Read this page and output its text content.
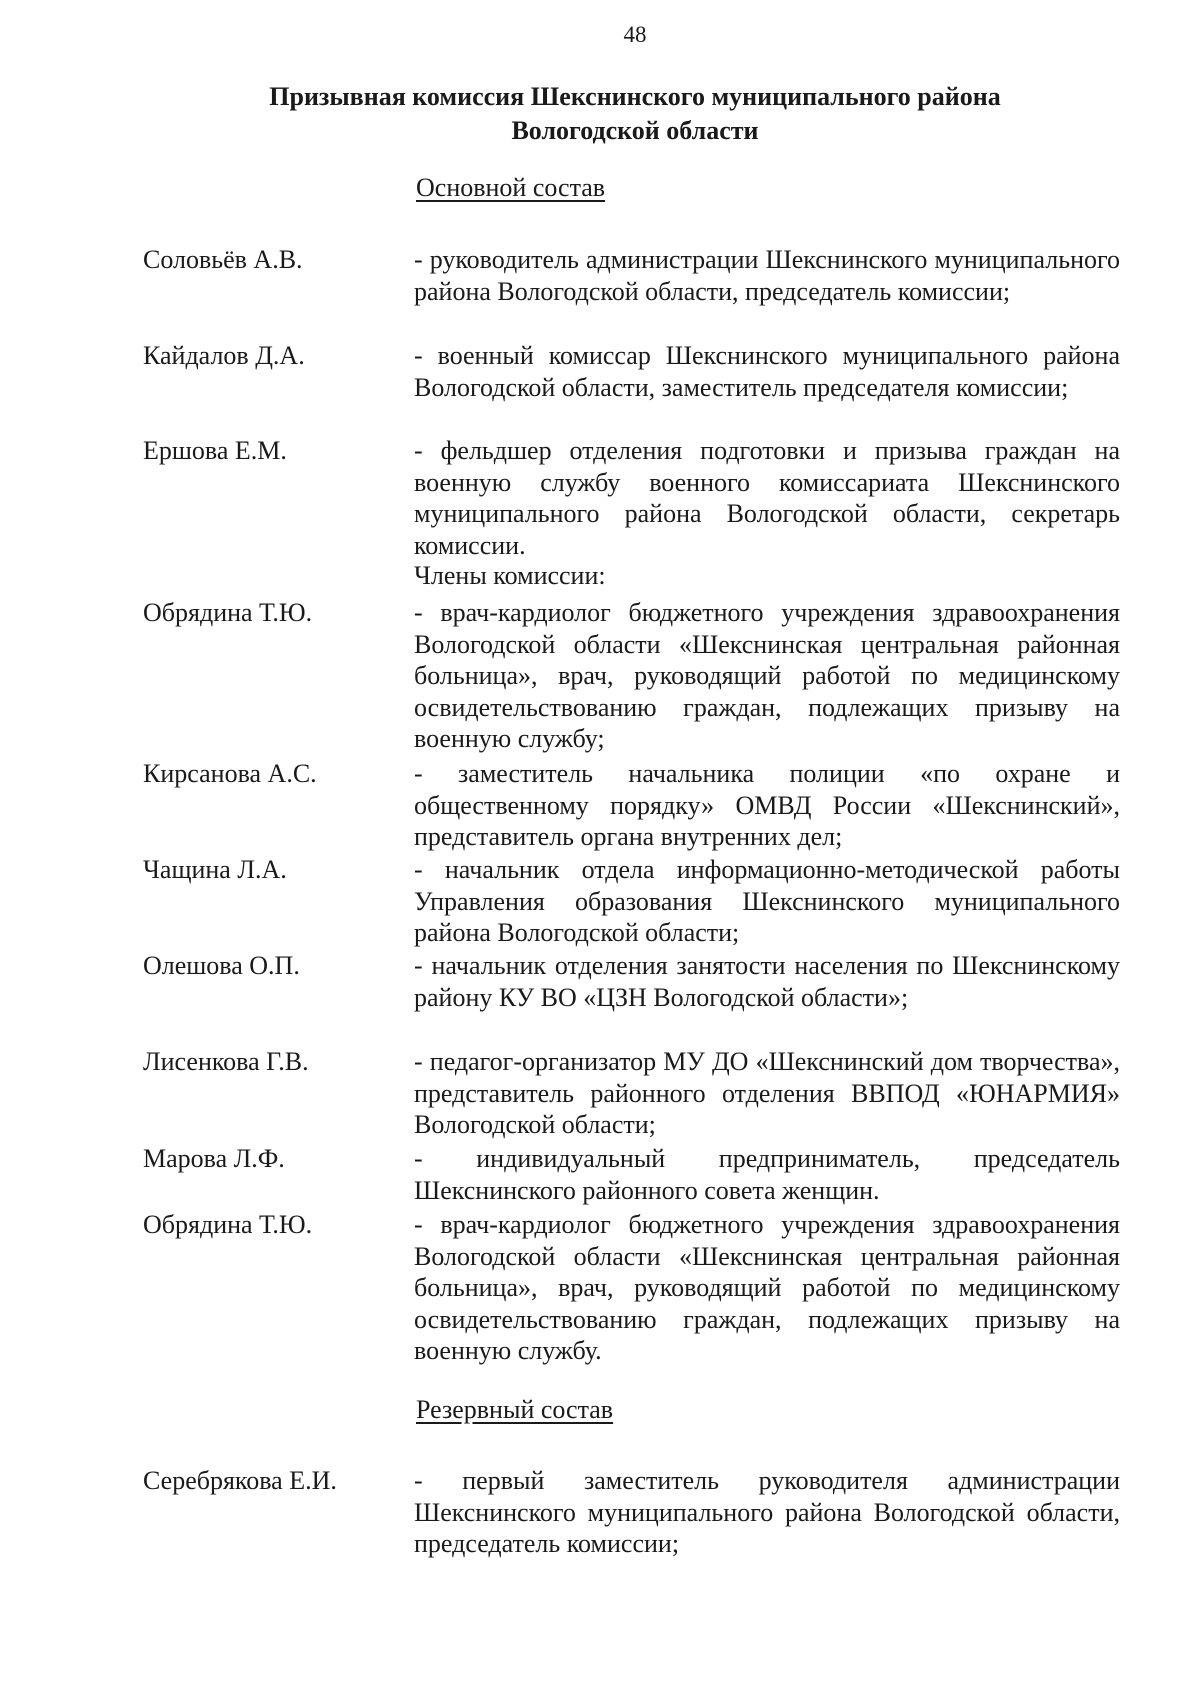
48
Призывная комиссия Шекснинского муниципального района
Вологодской области
Основной состав
Соловьёв А.В.	- руководитель администрации Шекснинского муниципального района Вологодской области, председатель комиссии;
Кайдалов Д.А.	- военный комиссар Шекснинского муниципального района Вологодской области, заместитель председателя комиссии;
Ершова Е.М.	- фельдшер отделения подготовки и призыва граждан на военную службу военного комиссариата Шекснинского муниципального района Вологодской области, секретарь комиссии.
Члены комиссии:
Обрядина Т.Ю.	- врач-кардиолог бюджетного учреждения здравоохранения Вологодской области «Шекснинская центральная районная больница», врач, руководящий работой по медицинскому освидетельствованию граждан, подлежащих призыву на военную службу;
Кирсанова А.С.	- заместитель начальника полиции «по охране и общественному порядку» ОМВД России «Шекснинский», представитель органа внутренних дел;
Чащина Л.А.	- начальник отдела информационно-методической работы Управления образования Шекснинского муниципального района Вологодской области;
Олешова О.П.	- начальник отделения занятости населения по Шекснинскому району КУ ВО «ЦЗН Вологодской области»;
Лисенкова Г.В.	- педагог-организатор МУ ДО «Шекснинский дом творчества», представитель районного отделения ВВПОД «ЮНАРМИЯ» Вологодской области;
Марова Л.Ф.	- индивидуальный предприниматель, председатель Шекснинского районного совета женщин.
Обрядина Т.Ю.	- врач-кардиолог бюджетного учреждения здравоохранения Вологодской области «Шекснинская центральная районная больница», врач, руководящий работой по медицинскому освидетельствованию граждан, подлежащих призыву на военную службу.
Резервный состав
Серебрякова Е.И.	- первый заместитель руководителя администрации Шекснинского муниципального района Вологодской области, председатель комиссии;
